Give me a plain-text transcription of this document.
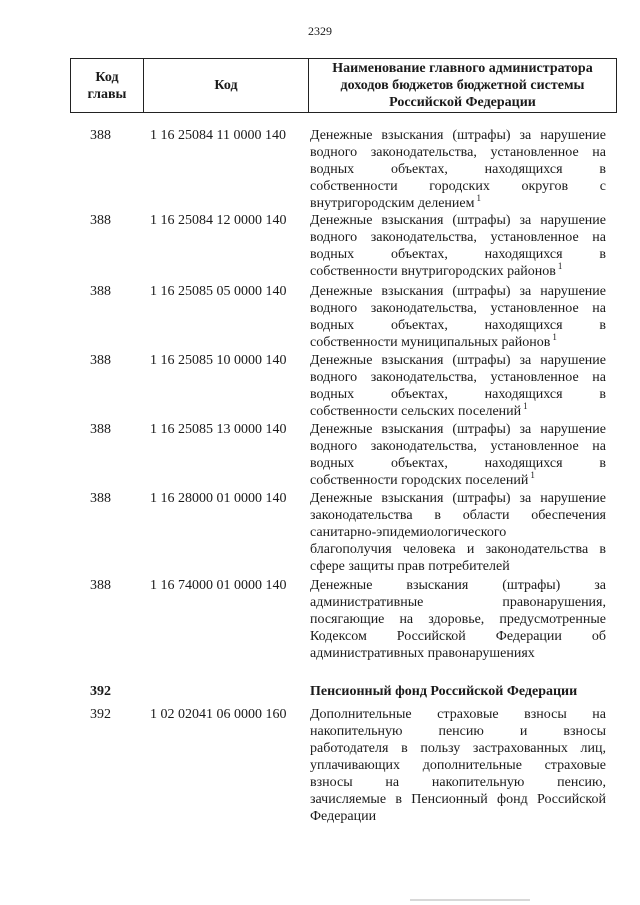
2329
Код
главы	Код	
Наименование главного администратора
доходов бюджетов бюджетной системы
Российской Федерации
388	1 16 25084 11 0000 140 Денежные взыскания (штрафы) за нарушение
водного законодательства, установленное на
водных объектах, находящихся в
собственности городских округов с
внутригородским делением $^1$
388	1 16 25084 12 0000 140 Денежные взыскания (штрафы) за нарушение
водного законодательства, установленное на
водных объектах, находящихся в
собственности внутригородских районов $^1$
388	1 16 25085 05 0000 140 Денежные взыскания (штрафы) за нарушение
водного законодательства, установленное на
водных объектах, находящихся в
собственности муниципальных районов $^1$
388	1 16 25085 10 0000 140 Денежные взыскания (штрафы) за нарушение
водного законодательства, установленное на
водных объектах, находящихся в
собственности сельских поселений $^1$
388	1 16 25085 13 0000 140 Денежные взыскания (штрафы) за нарушение
водного законодательства, установленное на
водных объектах, находящихся в
собственности городских поселений $^1$
388	1 16 28000 01 0000 140 Денежные взыскания (штрафы) за нарушение
законодательства в области обеспечения
санитарно-эпидемиологического
благополучия человека и законодательства в
сфере защиты прав потребителей
388	1 16 74000 01 0000 140 Денежные взыскания (штрафы) за
административные правонарушения,
посягающие на здоровье, предусмотренные
Кодексом Российской Федерации об
административных правонарушениях
392	Пенсионный фонд Российской Федерации
392	1 02 02041 06 0000 160 Дополнительные страховые взносы на
накопительную пенсию и взносы
работодателя в пользу застрахованных лиц,
уплачивающих дополнительные страховые
взносы на накопительную пенсию,
зачисляемые в Пенсионный фонд Российской
Федерации
